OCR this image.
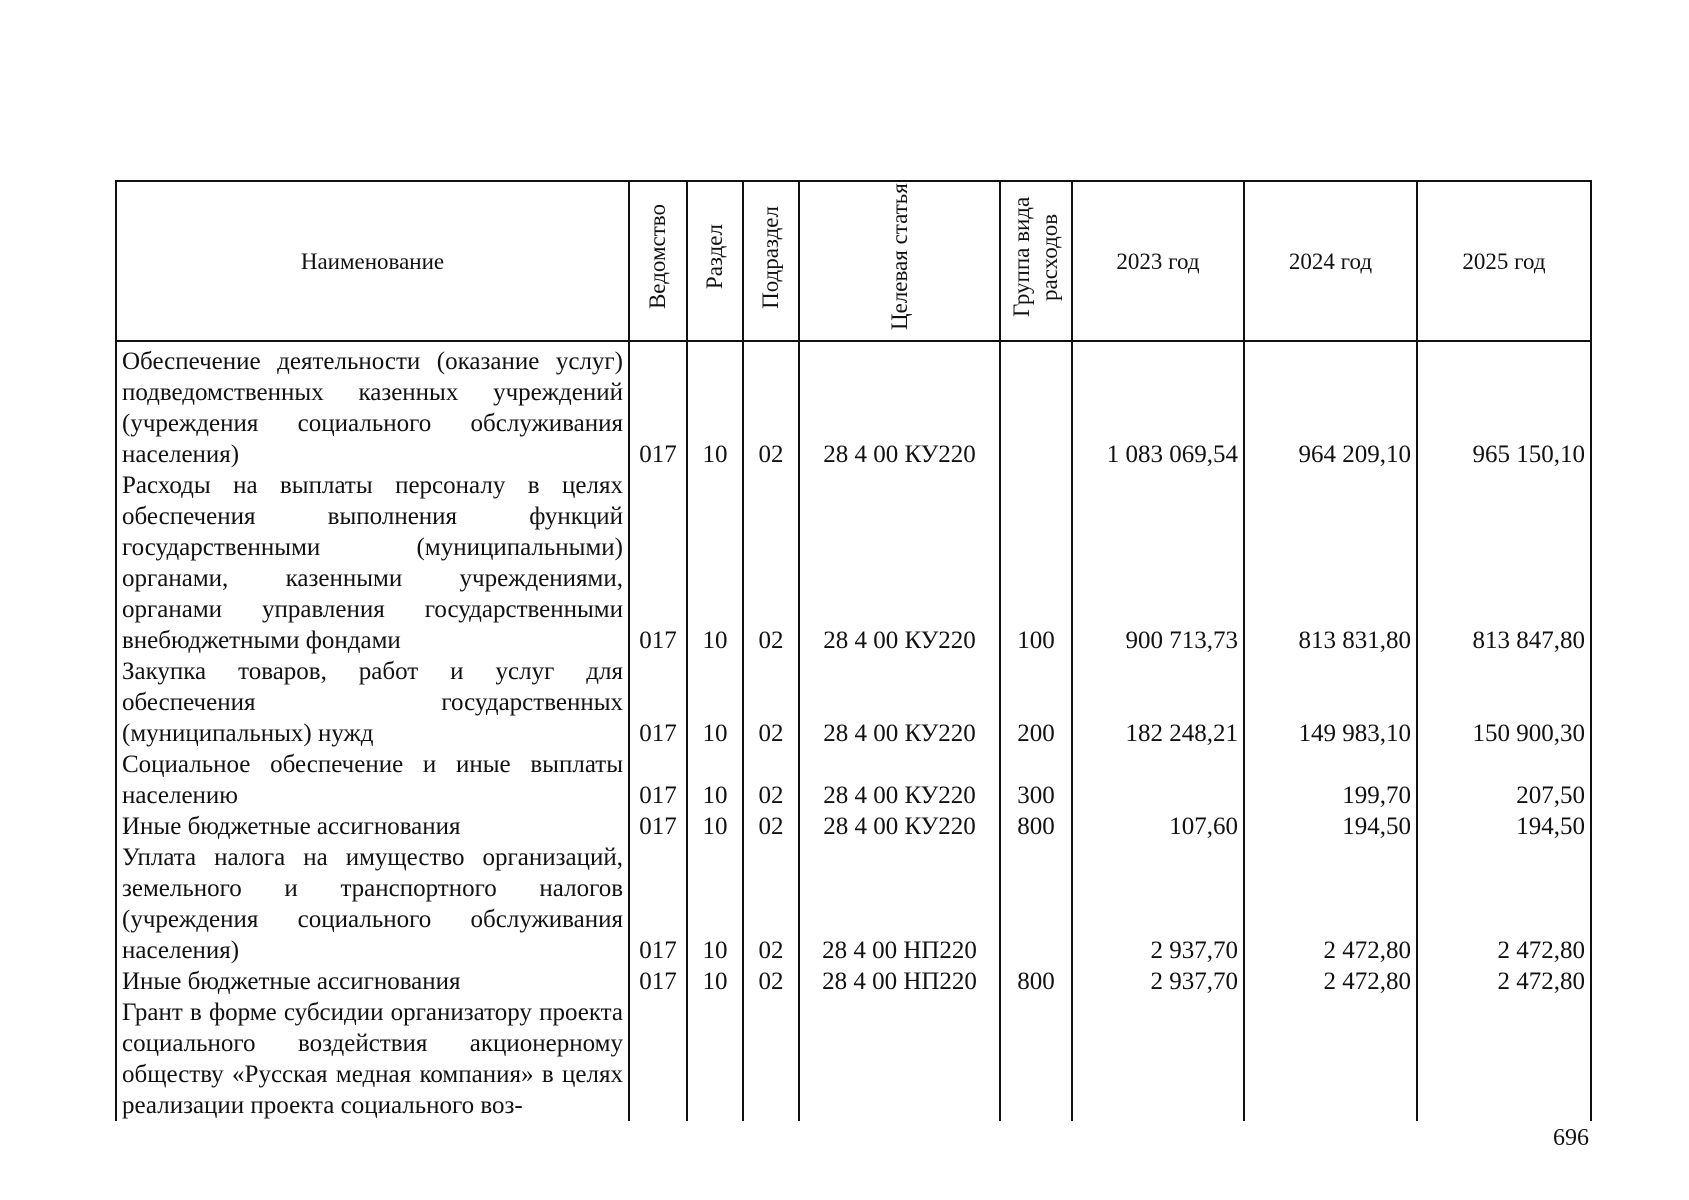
Наименование	Ведомство	Раздел	Подраздел	Целевая статья	Группа вида расходов	2023 год	2024 год	2025 год
Обеспечение деятельности (оказание услуг) подведомственных казенных учреждений (учреждения социального обслуживания населения)	017	10	02	28 4 00 КУ220		1 083 069,54	964 209,10	965 150,10
Расходы на выплаты персоналу в целях обеспечения выполнения функций государственными (муниципальными) органами, казенными учреждениями, органами управления государственными внебюджетными фондами	017	10	02	28 4 00 КУ220	100	900 713,73	813 831,80	813 847,80
Закупка товаров, работ и услуг для обеспечения государственных (муниципальных) нужд	017	10	02	28 4 00 КУ220	200	182 248,21	149 983,10	150 900,30
Социальное обеспечение и иные выплаты населению	017	10	02	28 4 00 КУ220	300		199,70	207,50
Иные бюджетные ассигнования	017	10	02	28 4 00 КУ220	800	107,60	194,50	194,50
Уплата налога на имущество организаций, земельного и транспортного налогов (учреждения социального обслуживания населения)	017	10	02	28 4 00 НП220		2 937,70	2 472,80	2 472,80
Иные бюджетные ассигнования	017	10	02	28 4 00 НП220	800	2 937,70	2 472,80	2 472,80
Грант в форме субсидии организатору проекта социального воздействия акционерному обществу «Русская медная компания» в целях реализации проекта социального воз-								
696
